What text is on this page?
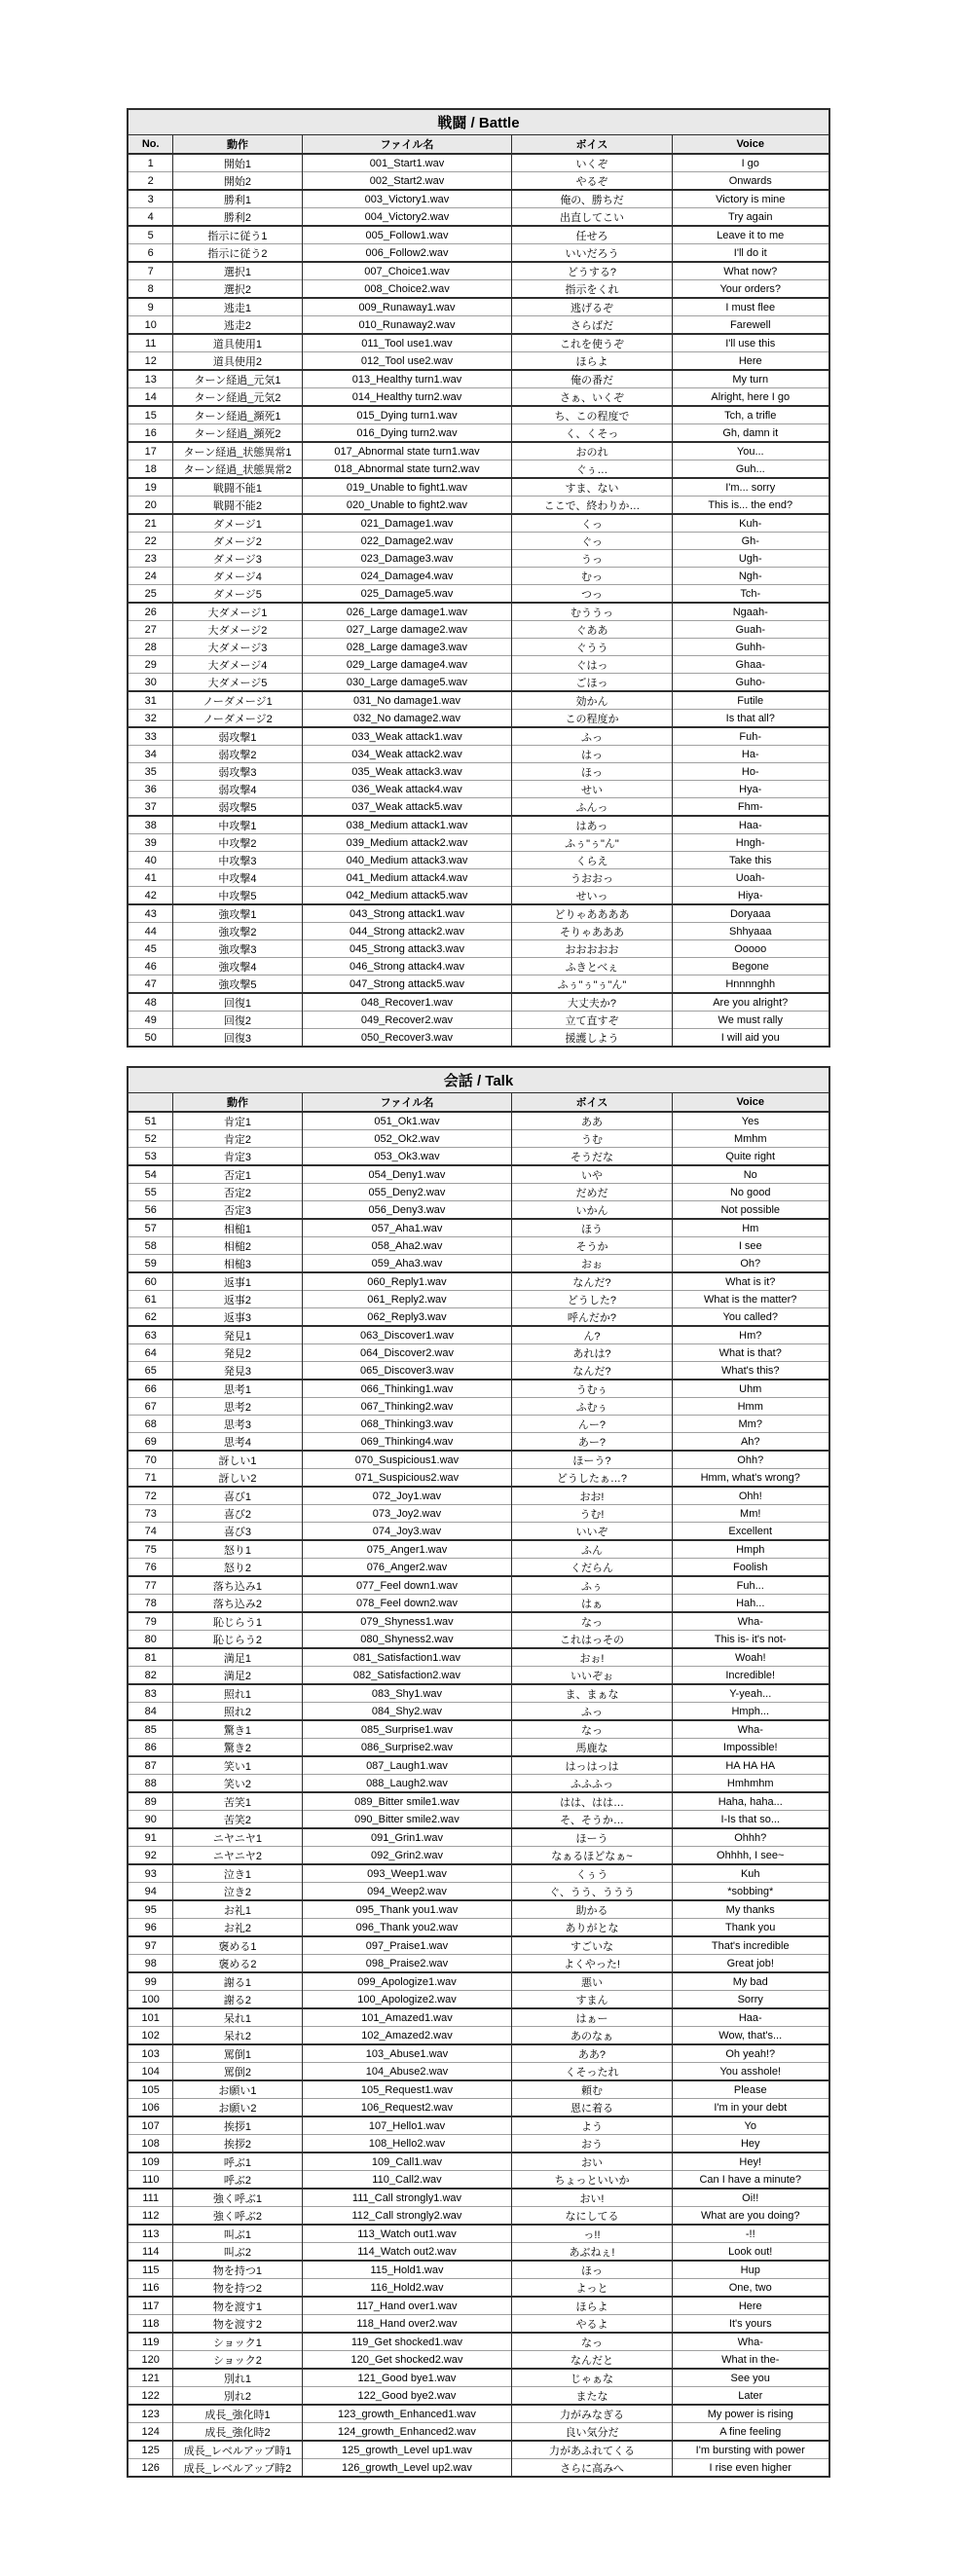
戦闘 / Battle				
No.	動作	ファイル名	ボイス	Voice
1	開始1	001_Start1.wav	いくぞ	I go
2	開始2	002_Start2.wav	やるぞ	Onwards
3	勝利1	003_Victory1.wav	俺の、勝ちだ	Victory is mine
4	勝利2	004_Victory2.wav	出直してこい	Try again
5	指示に従う1	005_Follow1.wav	任せろ	Leave it to me
6	指示に従う2	006_Follow2.wav	いいだろう	I'll do it
7	選択1	007_Choice1.wav	どうする?	What now?
8	選択2	008_Choice2.wav	指示をくれ	Your orders?
9	逃走1	009_Runaway1.wav	逃げるぞ	I must flee
10	逃走2	010_Runaway2.wav	さらばだ	Farewell
11	道具使用1	011_Tool use1.wav	これを使うぞ	I'll use this
12	道具使用2	012_Tool use2.wav	ほらよ	Here
13	ターン経過_元気1	013_Healthy turn1.wav	俺の番だ	My turn
14	ターン経過_元気2	014_Healthy turn2.wav	さぁ、いくぞ	Alright, here I go
15	ターン経過_瀕死1	015_Dying turn1.wav	ち、この程度で	Tch, a trifle
16	ターン経過_瀕死2	016_Dying turn2.wav	く、くそっ	Gh, damn it
17	ターン経過_状態異常1	017_Abnormal state turn1.wav	おのれ	You...
18	ターン経過_状態異常2	018_Abnormal state turn2.wav	ぐぅ…	Guh...
19	戦闘不能1	019_Unable to fight1.wav	すま、ない	I'm... sorry
20	戦闘不能2	020_Unable to fight2.wav	ここで、終わりか…	This is... the end?
21	ダメージ1	021_Damage1.wav	くっ	Kuh-
22	ダメージ2	022_Damage2.wav	ぐっ	Gh-
23	ダメージ3	023_Damage3.wav	うっ	Ugh-
24	ダメージ4	024_Damage4.wav	むっ	Ngh-
25	ダメージ5	025_Damage5.wav	つっ	Tch-
26	大ダメージ1	026_Large damage1.wav	むううっ	Ngaah-
27	大ダメージ2	027_Large damage2.wav	ぐああ	Guah-
28	大ダメージ3	028_Large damage3.wav	ぐうう	Guhh-
29	大ダメージ4	029_Large damage4.wav	ぐはっ	Ghaa-
30	大ダメージ5	030_Large damage5.wav	ごほっ	Guho-
31	ノーダメージ1	031_No damage1.wav	効かん	Futile
32	ノーダメージ2	032_No damage2.wav	この程度か	Is that all?
33	弱攻撃1	033_Weak attack1.wav	ふっ	Fuh-
34	弱攻撃2	034_Weak attack2.wav	はっ	Ha-
35	弱攻撃3	035_Weak attack3.wav	ほっ	Ho-
36	弱攻撃4	036_Weak attack4.wav	せい	Hya-
37	弱攻撃5	037_Weak attack5.wav	ふんっ	Fhm-
38	中攻撃1	038_Medium attack1.wav	はあっ	Haa-
39	中攻撃2	039_Medium attack2.wav	ふぅ"ぅ"ん"	Hngh-
40	中攻撃3	040_Medium attack3.wav	くらえ	Take this
41	中攻撃4	041_Medium attack4.wav	うおおっ	Uoah-
42	中攻撃5	042_Medium attack5.wav	せいっ	Hiya-
43	強攻撃1	043_Strong attack1.wav	どりゃああああ	Doryaaa
44	強攻撃2	044_Strong attack2.wav	そりゃあああ	Shhyaaa
45	強攻撃3	045_Strong attack3.wav	おおおおお	Ooooo
46	強攻撃4	046_Strong attack4.wav	ふきとべぇ	Begone
47	強攻撃5	047_Strong attack5.wav	ふぅ"ぅ"ぅ"ん"	Hnnnnghh
48	回復1	048_Recover1.wav	大丈夫か?	Are you alright?
49	回復2	049_Recover2.wav	立て直すぞ	We must rally
50	回復3	050_Recover3.wav	援護しよう	I will aid you
会話 / Talk				
	動作	ファイル名	ボイス	Voice
51	肯定1	051_Ok1.wav	ああ	Yes
52	肯定2	052_Ok2.wav	うむ	Mmhm
53	肯定3	053_Ok3.wav	そうだな	Quite right
54	否定1	054_Deny1.wav	いや	No
55	否定2	055_Deny2.wav	だめだ	No good
56	否定3	056_Deny3.wav	いかん	Not possible
57	相槌1	057_Aha1.wav	ほう	Hm
58	相槌2	058_Aha2.wav	そうか	I see
59	相槌3	059_Aha3.wav	おぉ	Oh?
60	返事1	060_Reply1.wav	なんだ?	What is it?
61	返事2	061_Reply2.wav	どうした?	What is the matter?
62	返事3	062_Reply3.wav	呼んだか?	You called?
63	発見1	063_Discover1.wav	ん?	Hm?
64	発見2	064_Discover2.wav	あれは?	What is that?
65	発見3	065_Discover3.wav	なんだ?	What's this?
66	思考1	066_Thinking1.wav	うむぅ	Uhm
67	思考2	067_Thinking2.wav	ふむぅ	Hmm
68	思考3	068_Thinking3.wav	んー?	Mm?
69	思考4	069_Thinking4.wav	あー?	Ah?
70	訝しい1	070_Suspicious1.wav	ほーう?	Ohh?
71	訝しい2	071_Suspicious2.wav	どうしたぁ…?	Hmm, what's wrong?
72	喜び1	072_Joy1.wav	おお!	Ohh!
73	喜び2	073_Joy2.wav	うむ!	Mm!
74	喜び3	074_Joy3.wav	いいぞ	Excellent
75	怒り1	075_Anger1.wav	ふん	Hmph
76	怒り2	076_Anger2.wav	くだらん	Foolish
77	落ち込み1	077_Feel down1.wav	ふぅ	Fuh...
78	落ち込み2	078_Feel down2.wav	はぁ	Hah...
79	恥じらう1	079_Shyness1.wav	なっ	Wha-
80	恥じらう2	080_Shyness2.wav	これはっその	This is- it's not-
81	満足1	081_Satisfaction1.wav	おぉ!	Woah!
82	満足2	082_Satisfaction2.wav	いいぞぉ	Incredible!
83	照れ1	083_Shy1.wav	ま、まぁな	Y-yeah...
84	照れ2	084_Shy2.wav	ふっ	Hmph...
85	驚き1	085_Surprise1.wav	なっ	Wha-
86	驚き2	086_Surprise2.wav	馬鹿な	Impossible!
87	笑い1	087_Laugh1.wav	はっはっは	HA HA HA
88	笑い2	088_Laugh2.wav	ふふふっ	Hmhmhm
89	苦笑1	089_Bitter smile1.wav	はは、はは…	Haha, haha...
90	苦笑2	090_Bitter smile2.wav	そ、そうか…	I-Is that so...
91	ニヤニヤ1	091_Grin1.wav	ほーう	Ohhh?
92	ニヤニヤ2	092_Grin2.wav	なぁるほどなぁ~	Ohhhh, I see~
93	泣き1	093_Weep1.wav	くぅう	Kuh
94	泣き2	094_Weep2.wav	ぐ、うう、ううう	*sobbing*
95	お礼1	095_Thank you1.wav	助かる	My thanks
96	お礼2	096_Thank you2.wav	ありがとな	Thank you
97	褒める1	097_Praise1.wav	すごいな	That's incredible
98	褒める2	098_Praise2.wav	よくやった!	Great job!
99	謝る1	099_Apologize1.wav	悪い	My bad
100	謝る2	100_Apologize2.wav	すまん	Sorry
101	呆れ1	101_Amazed1.wav	はぁー	Haa-
102	呆れ2	102_Amazed2.wav	あのなぁ	Wow, that's...
103	罵倒1	103_Abuse1.wav	ああ?	Oh yeah!?
104	罵倒2	104_Abuse2.wav	くそったれ	You asshole!
105	お願い1	105_Request1.wav	頼む	Please
106	お願い2	106_Request2.wav	恩に着る	I'm in your debt
107	挨拶1	107_Hello1.wav	よう	Yo
108	挨拶2	108_Hello2.wav	おう	Hey
109	呼ぶ1	109_Call1.wav	おい	Hey!
110	呼ぶ2	110_Call2.wav	ちょっといいか	Can I have a minute?
111	強く呼ぶ1	111_Call strongly1.wav	おい!	Oi!!
112	強く呼ぶ2	112_Call strongly2.wav	なにしてる	What are you doing?
113	叫ぶ1	113_Watch out1.wav	っ!!	-!!
114	叫ぶ2	114_Watch out2.wav	あぶねぇ!	Look out!
115	物を持つ1	115_Hold1.wav	ほっ	Hup
116	物を持つ2	116_Hold2.wav	よっと	One, two
117	物を渡す1	117_Hand over1.wav	ほらよ	Here
118	物を渡す2	118_Hand over2.wav	やるよ	It's yours
119	ショック1	119_Get shocked1.wav	なっ	Wha-
120	ショック2	120_Get shocked2.wav	なんだと	What in the-
121	別れ1	121_Good bye1.wav	じゃぁな	See you
122	別れ2	122_Good bye2.wav	またな	Later
123	成長_強化時1	123_growth_Enhanced1.wav	力がみなぎる	My power is rising
124	成長_強化時2	124_growth_Enhanced2.wav	良い気分だ	A fine feeling
125	成長_レベルアップ時1	125_growth_Level up1.wav	力があふれてくる	I'm bursting with power
126	成長_レベルアップ時2	126_growth_Level up2.wav	さらに高みへ	I rise even higher
